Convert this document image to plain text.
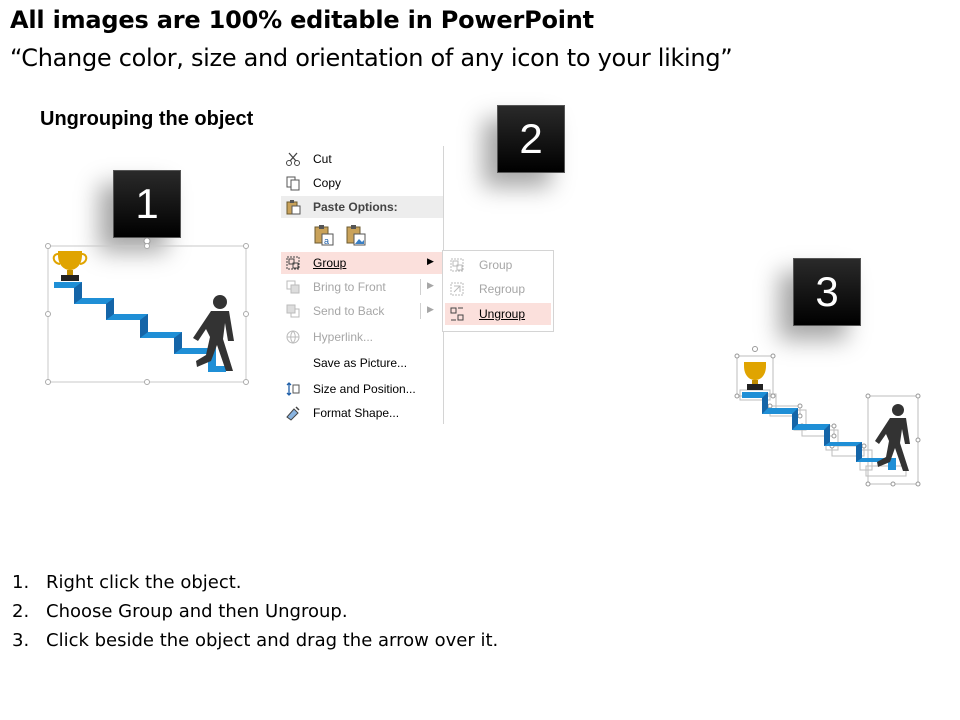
All images are 100% editable in PowerPoint
“Change color, size and orientation of any icon to your liking”
Ungrouping the object
1
2
3
Cut
Copy
Paste Options:
a
Group	▶
Bring to Front	▶
Send to Back	▶
Hyperlink...
Save as Picture...
Size and Position...
Format Shape...
Group
Regroup
Ungroup
1. Right click the object.
2. Choose Group and then Ungroup.
3. Click beside the object and drag the arrow over it.
